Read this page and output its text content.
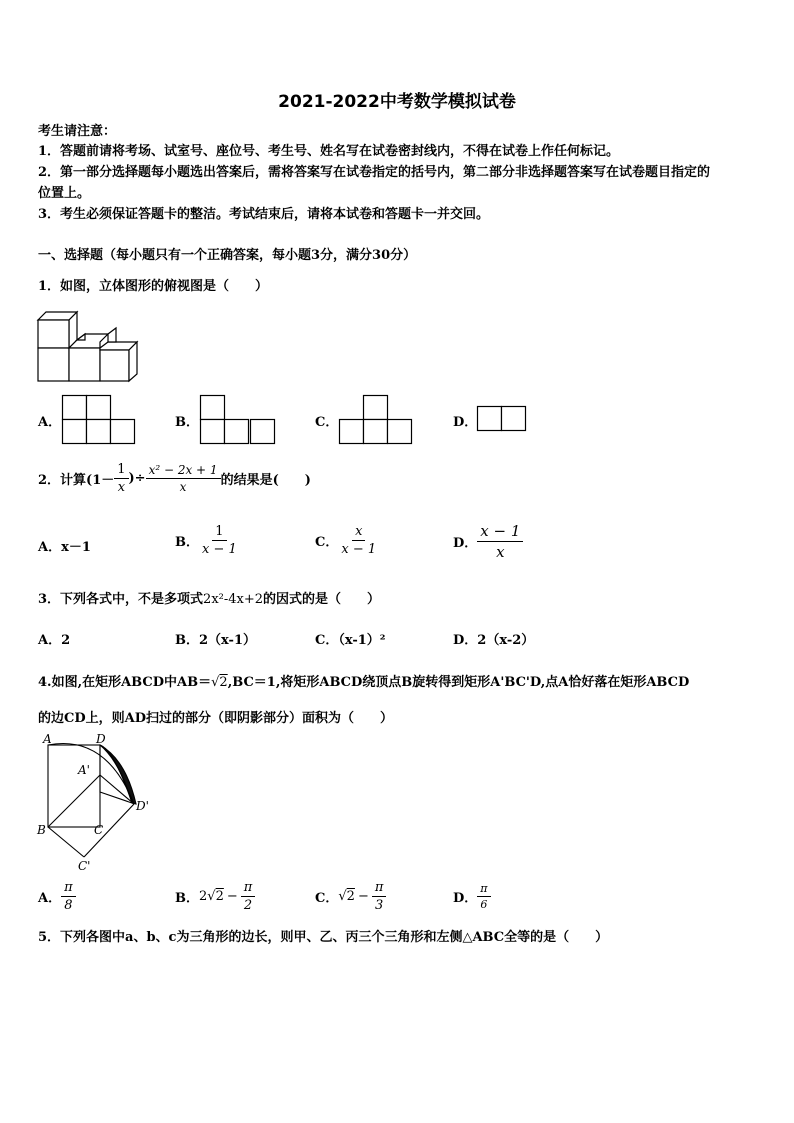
2021-2022中考数学模拟试卷
考生请注意：
1．答题前请将考场、试室号、座位号、考生号、姓名写在试卷密封线内，不得在试卷上作任何标记。
2．第一部分选择题每小题选出答案后，需将答案写在试卷指定的括号内，第二部分非选择题答案写在试卷题目指定的
位置上。
3．考生必须保证答题卡的整洁。考试结束后，请将本试卷和答题卡一并交回。
一、选择题（每小题只有一个正确答案，每小题3分，满分30分）
1．如图，立体图形的俯视图是（　　）
A．	B．	C．	D．
2．计算($1- \frac{1}{x}$ )÷ $\frac{\text{x² − 2x + 1}}{x}$ 的结果是(　　)
A．x－1	B． $\frac{1}{x - 1}$	C． $\frac{x}{x - 1}$	D． $\frac{x - 1}{x}$
3．下列各式中，不是多项式2x²-4x+2的因式的是（　　）
A．2	B．2（x-1）	C．（x-1）²	D．2（x-2）
4.如图,在矩形ABCD中AB＝√2,BC＝1,将矩形ABCD绕顶点B旋转得到矩形A'BC'D,点A恰好落在矩形ABCD
的边CD上，则AD扫过的部分（即阴影部分）面积为（　　）
A	D
A'
D'
B	C
C'
A． $\frac{\pi}{8}$	B． 2 √ $2 - \frac{\pi}{2}$	C． √ $2 - \frac{\pi}{3}$	D． $\frac{\pi}{6}$
5．下列各图中a、b、c为三角形的边长，则甲、乙、丙三个三角形和左侧△ABC全等的是（　　）
